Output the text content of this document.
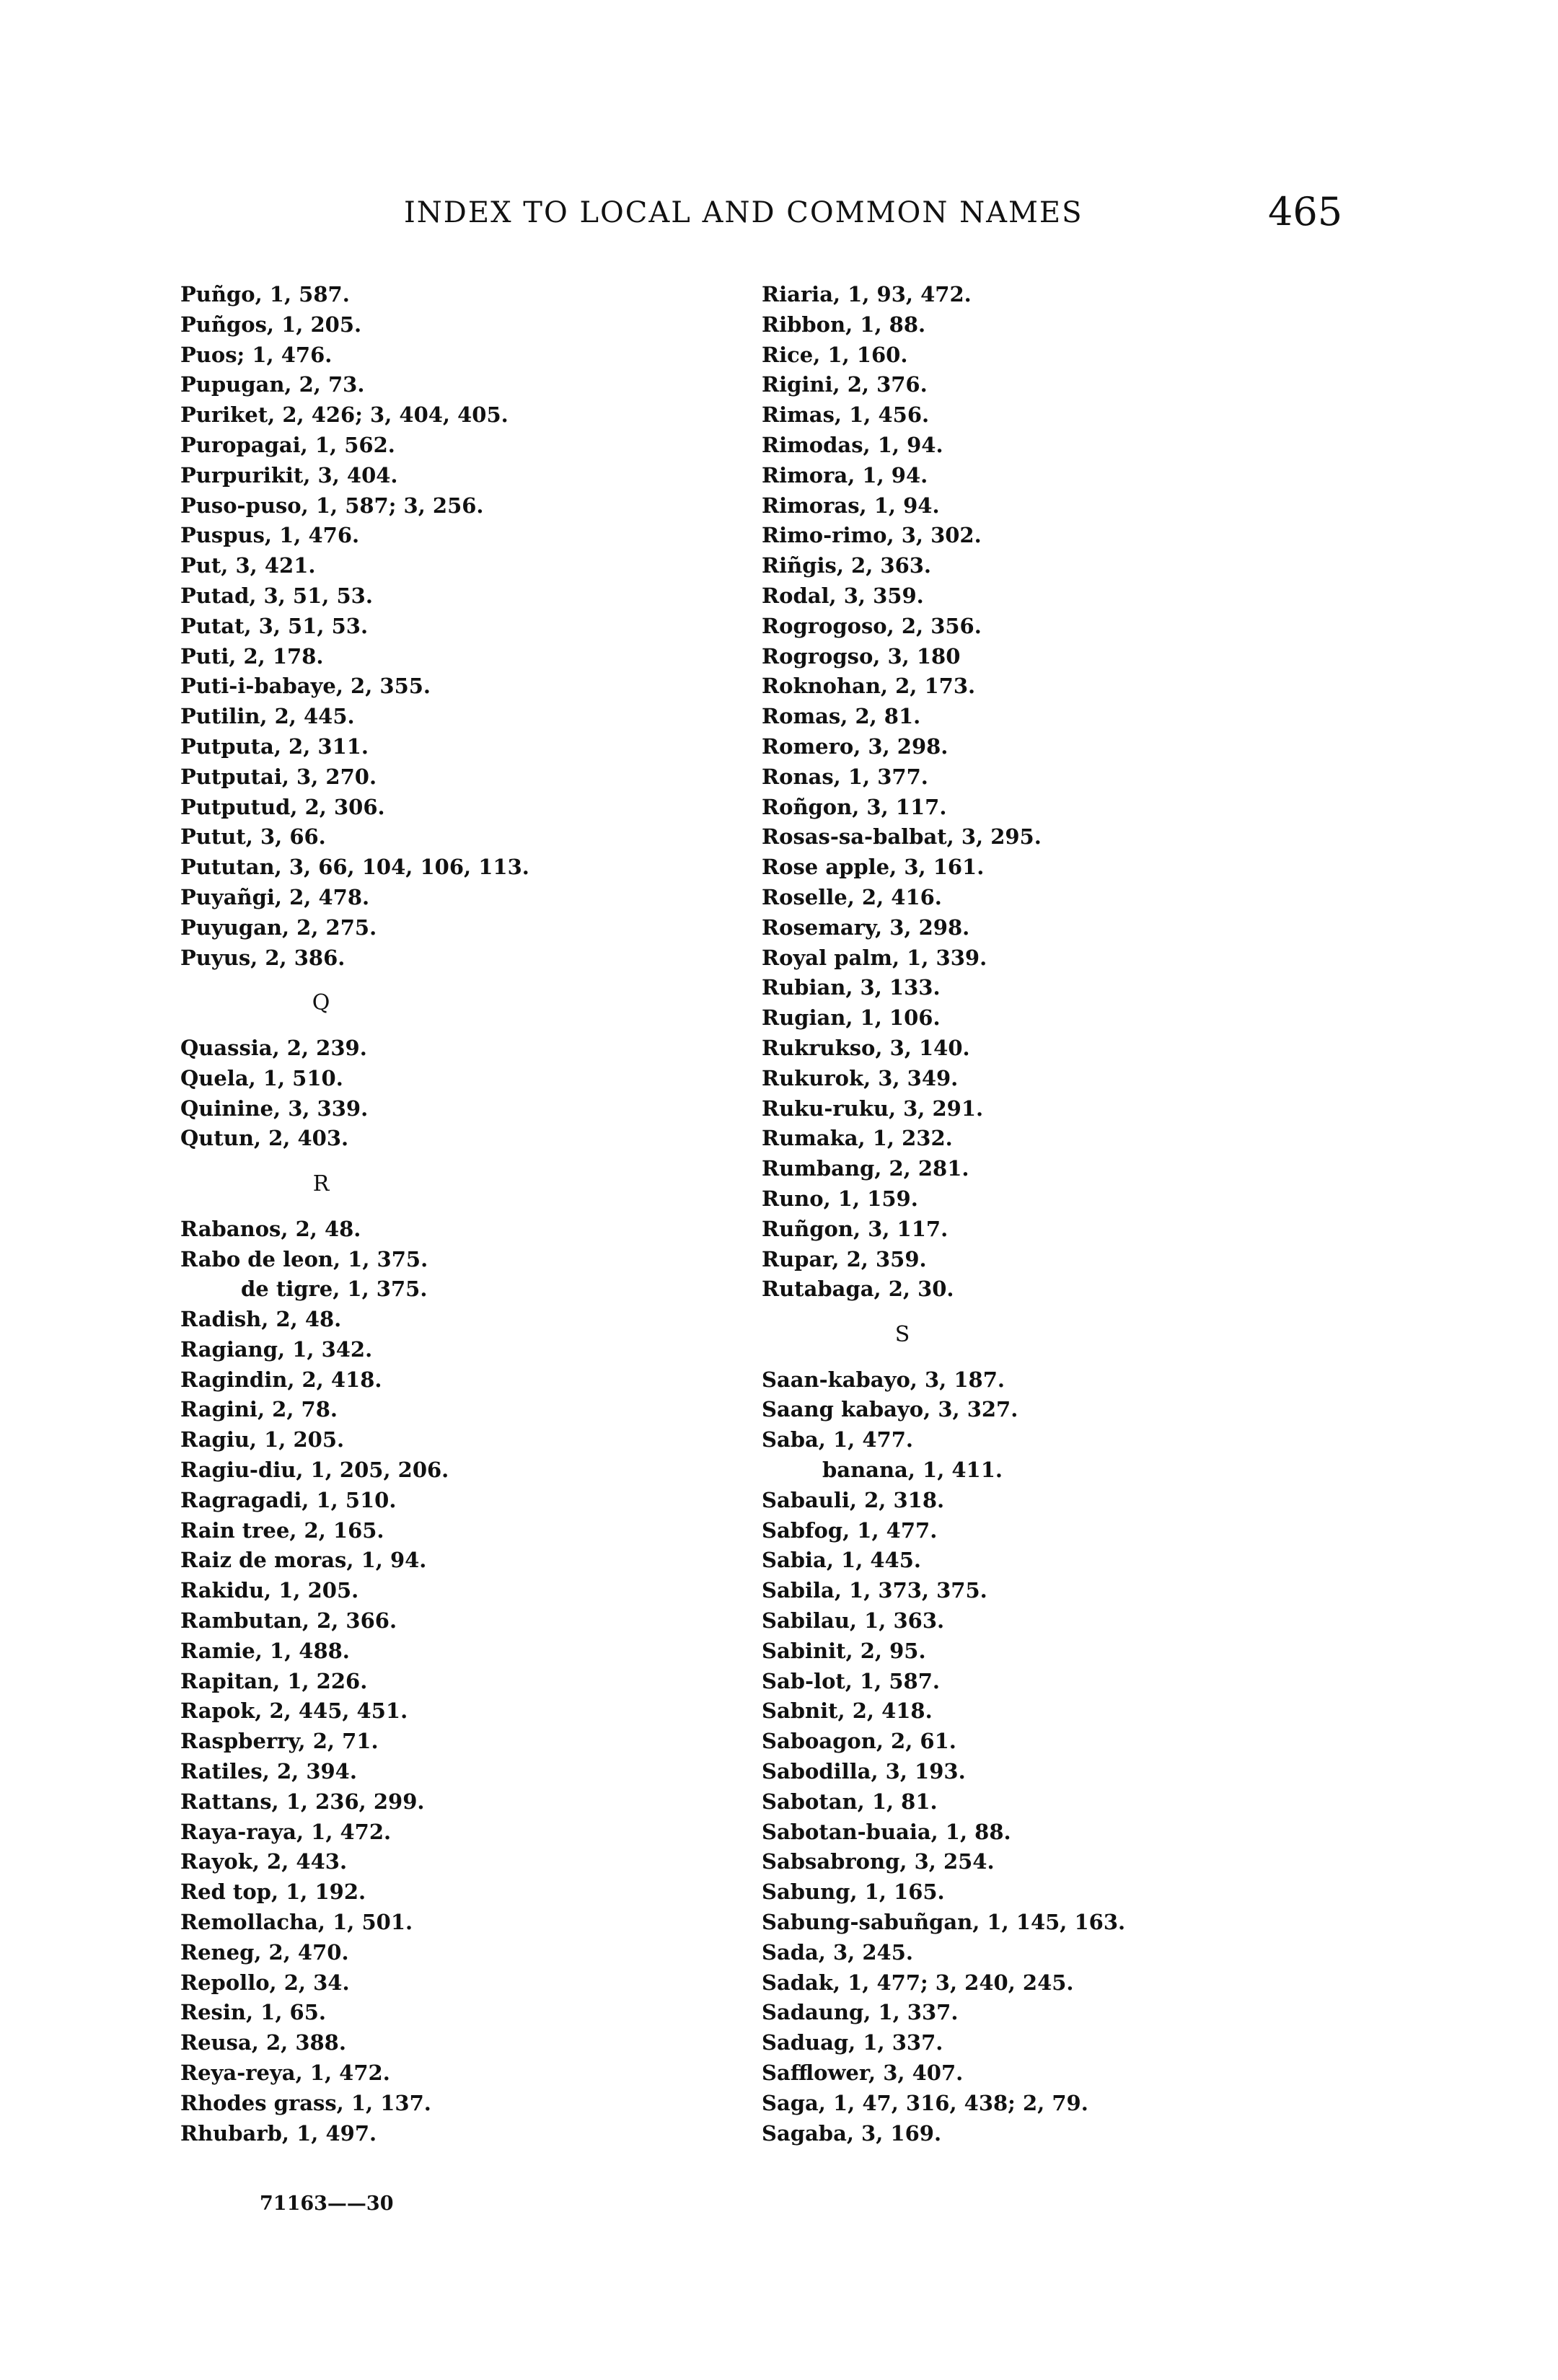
INDEX TO LOCAL AND COMMON NAMES	465
Puñgo, 1, 587.
Puñgos, 1, 205.
Puos; 1, 476.
Pupugan, 2, 73.
Puriket, 2, 426; 3, 404, 405.
Puropagai, 1, 562.
Purpurikit, 3, 404.
Puso-puso, 1, 587; 3, 256.
Puspus, 1, 476.
Put, 3, 421.
Putad, 3, 51, 53.
Putat, 3, 51, 53.
Puti, 2, 178.
Puti-i-babaye, 2, 355.
Putilin, 2, 445.
Putputa, 2, 311.
Putputai, 3, 270.
Putputud, 2, 306.
Putut, 3, 66.
Pututan, 3, 66, 104, 106, 113.
Puyañgi, 2, 478.
Puyugan, 2, 275.
Puyus, 2, 386.
Q
Quassia, 2, 239.
Quela, 1, 510.
Quinine, 3, 339.
Qutun, 2, 403.
R
Rabanos, 2, 48.
Rabo de leon, 1, 375.
de tigre, 1, 375.
Radish, 2, 48.
Ragiang, 1, 342.
Ragindin, 2, 418.
Ragini, 2, 78.
Ragiu, 1, 205.
Ragiu-diu, 1, 205, 206.
Ragragadi, 1, 510.
Rain tree, 2, 165.
Raiz de moras, 1, 94.
Rakidu, 1, 205.
Rambutan, 2, 366.
Ramie, 1, 488.
Rapitan, 1, 226.
Rapok, 2, 445, 451.
Raspberry, 2, 71.
Ratiles, 2, 394.
Rattans, 1, 236, 299.
Raya-raya, 1, 472.
Rayok, 2, 443.
Red top, 1, 192.
Remollacha, 1, 501.
Reneg, 2, 470.
Repollo, 2, 34.
Resin, 1, 65.
Reusa, 2, 388.
Reya-reya, 1, 472.
Rhodes grass, 1, 137.
Rhubarb, 1, 497.
Riaria, 1, 93, 472.
Ribbon, 1, 88.
Rice, 1, 160.
Rigini, 2, 376.
Rimas, 1, 456.
Rimodas, 1, 94.
Rimora, 1, 94.
Rimoras, 1, 94.
Rimo-rimo, 3, 302.
Riñgis, 2, 363.
Rodal, 3, 359.
Rogrogoso, 2, 356.
Rogrogso, 3, 180
Roknohan, 2, 173.
Romas, 2, 81.
Romero, 3, 298.
Ronas, 1, 377.
Roñgon, 3, 117.
Rosas-sa-balbat, 3, 295.
Rose apple, 3, 161.
Roselle, 2, 416.
Rosemary, 3, 298.
Royal palm, 1, 339.
Rubian, 3, 133.
Rugian, 1, 106.
Rukrukso, 3, 140.
Rukurok, 3, 349.
Ruku-ruku, 3, 291.
Rumaka, 1, 232.
Rumbang, 2, 281.
Runo, 1, 159.
Ruñgon, 3, 117.
Rupar, 2, 359.
Rutabaga, 2, 30.
S
Saan-kabayo, 3, 187.
Saang kabayo, 3, 327.
Saba, 1, 477.
banana, 1, 411.
Sabauli, 2, 318.
Sabfog, 1, 477.
Sabia, 1, 445.
Sabila, 1, 373, 375.
Sabilau, 1, 363.
Sabinit, 2, 95.
Sab-lot, 1, 587.
Sabnit, 2, 418.
Saboagon, 2, 61.
Sabodilla, 3, 193.
Sabotan, 1, 81.
Sabotan-buaia, 1, 88.
Sabsabrong, 3, 254.
Sabung, 1, 165.
Sabung-sabuñgan, 1, 145, 163.
Sada, 3, 245.
Sadak, 1, 477; 3, 240, 245.
Sadaung, 1, 337.
Saduag, 1, 337.
Safflower, 3, 407.
Saga, 1, 47, 316, 438; 2, 79.
Sagaba, 3, 169.
71163——30
